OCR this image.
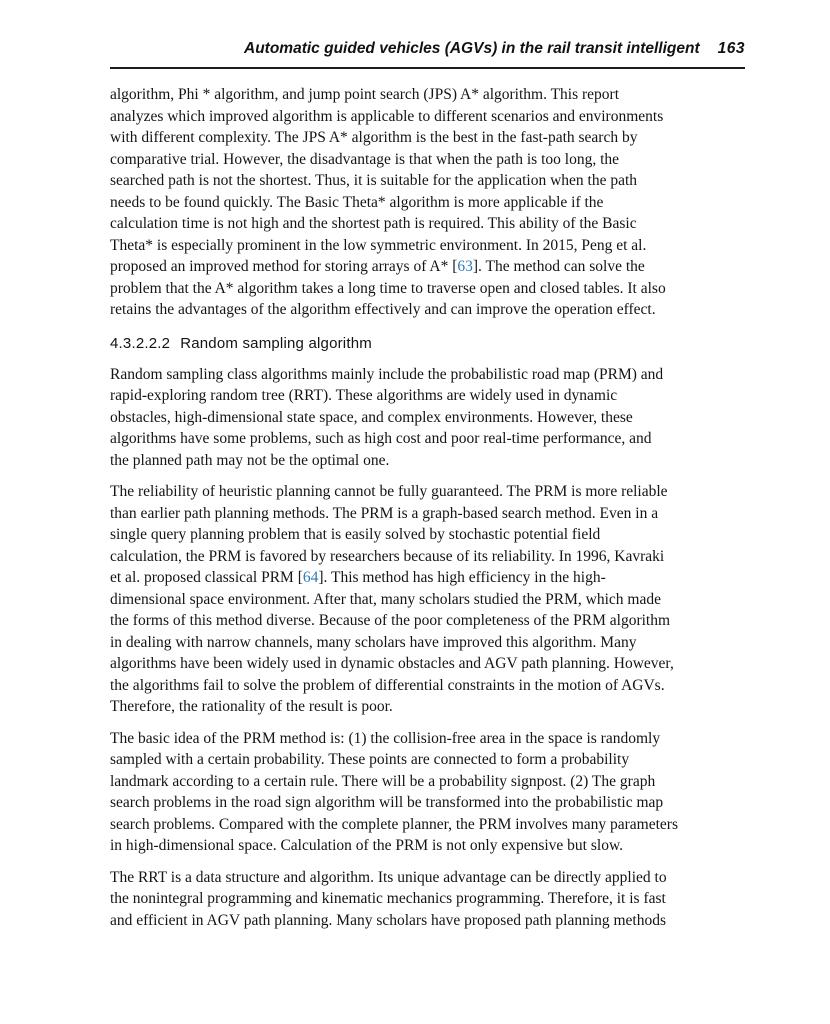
Automatic guided vehicles (AGVs) in the rail transit intelligent 163

algorithm, Phi * algorithm, and jump point search (JPS) A* algorithm. This report
analyzes which improved algorithm is applicable to different scenarios and environments
with different complexity. The JPS A* algorithm is the best in the fast-path search by
comparative trial. However, the disadvantage is that when the path is too long, the
searched path is not the shortest. Thus, it is suitable for the application when the path
needs to be found quickly. The Basic Theta* algorithm is more applicable if the
calculation time is not high and the shortest path is required. This ability of the Basic
Theta* is especially prominent in the low symmetric environment. In 2015, Peng et al.
proposed an improved method for storing arrays of A* [63]. The method can solve the
problem that the A* algorithm takes a long time to traverse open and closed tables. It also
retains the advantages of the algorithm effectively and can improve the operation effect.

4.3.2.2.2 Random sampling algorithm

Random sampling class algorithms mainly include the probabilistic road map (PRM) and
rapid-exploring random tree (RRT). These algorithms are widely used in dynamic
obstacles, high-dimensional state space, and complex environments. However, these
algorithms have some problems, such as high cost and poor real-time performance, and
the planned path may not be the optimal one.

The reliability of heuristic planning cannot be fully guaranteed. The PRM is more reliable
than earlier path planning methods. The PRM is a graph-based search method. Even in a
single query planning problem that is easily solved by stochastic potential field
calculation, the PRM is favored by researchers because of its reliability. In 1996, Kavraki
et al. proposed classical PRM [64]. This method has high efficiency in the high-
dimensional space environment. After that, many scholars studied the PRM, which made
the forms of this method diverse. Because of the poor completeness of the PRM algorithm
in dealing with narrow channels, many scholars have improved this algorithm. Many
algorithms have been widely used in dynamic obstacles and AGV path planning. However,
the algorithms fail to solve the problem of differential constraints in the motion of AGVs.
Therefore, the rationality of the result is poor.

The basic idea of the PRM method is: (1) the collision-free area in the space is randomly
sampled with a certain probability. These points are connected to form a probability
landmark according to a certain rule. There will be a probability signpost. (2) The graph
search problems in the road sign algorithm will be transformed into the probabilistic map
search problems. Compared with the complete planner, the PRM involves many parameters
in high-dimensional space. Calculation of the PRM is not only expensive but slow.

The RRT is a data structure and algorithm. Its unique advantage can be directly applied to
the nonintegral programming and kinematic mechanics programming. Therefore, it is fast
and efficient in AGV path planning. Many scholars have proposed path planning methods
